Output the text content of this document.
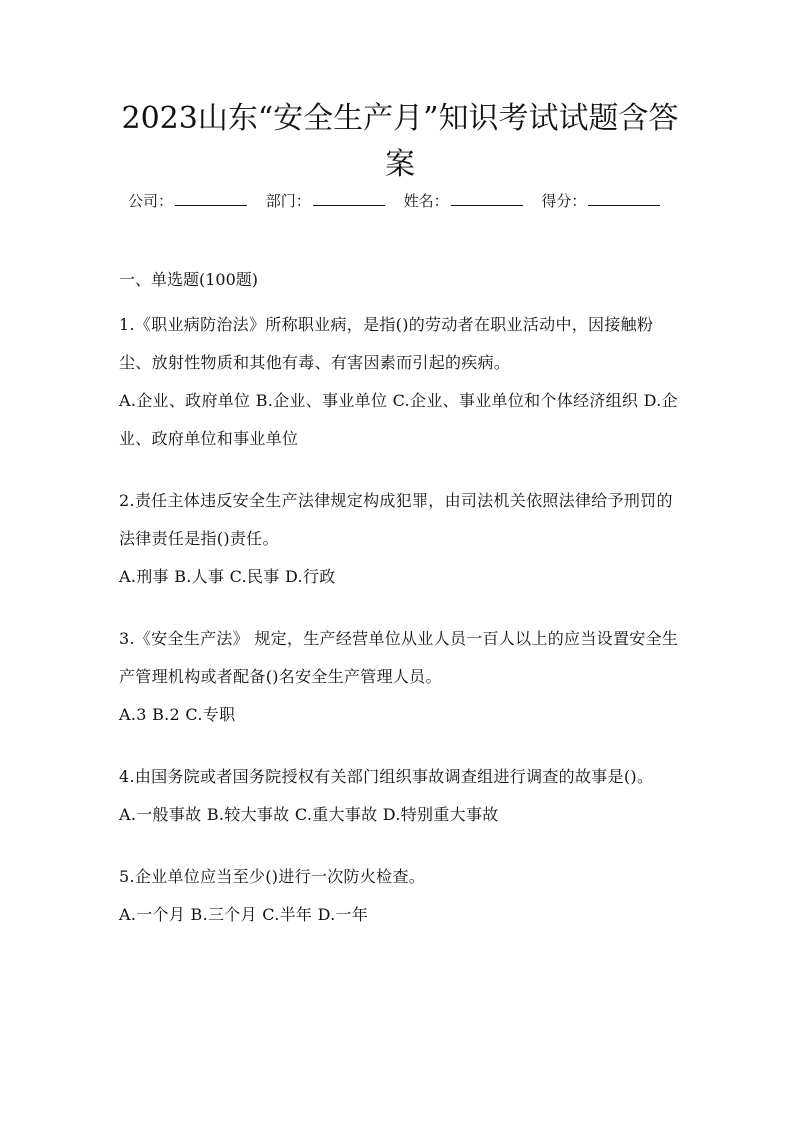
2023山东“安全生产月”知识考试试题含答案
公司：	部门：	姓名：	得分：

一、单选题(100题)

1.《职业病防治法》所称职业病，是指()的劳动者在职业活动中，因接触粉尘、放射性物质和其他有毒、有害因素而引起的疾病。

A.企业、政府单位 B.企业、事业单位 C.企业、事业单位和个体经济组织 D.企业、政府单位和事业单位

2.责任主体违反安全生产法律规定构成犯罪，由司法机关依照法律给予刑罚的法律责任是指()责任。

A.刑事 B.人事 C.民事 D.行政

3.《安全生产法》 规定，生产经营单位从业人员一百人以上的应当设置安全生产管理机构或者配备()名安全生产管理人员。

A.3 B.2 C.专职

4.由国务院或者国务院授权有关部门组织事故调查组进行调查的故事是()。

A.一般事故 B.较大事故 C.重大事故 D.特别重大事故

5.企业单位应当至少()进行一次防火检查。

A.一个月 B.三个月 C.半年 D.一年
